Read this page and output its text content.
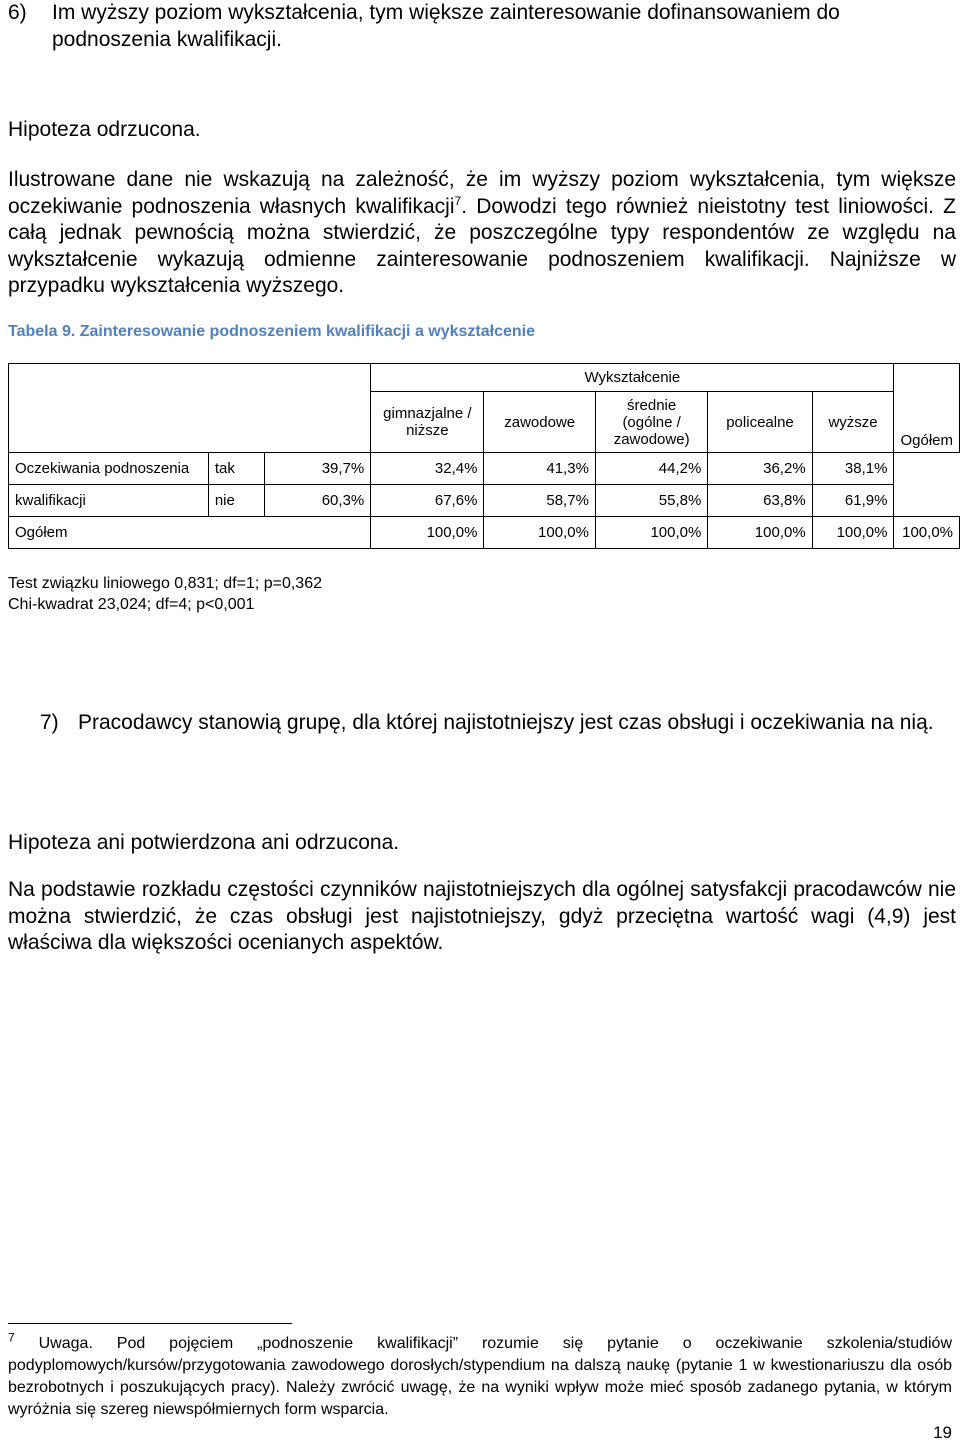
6)	Im wyższy poziom wykształcenia, tym większe zainteresowanie dofinansowaniem do podnoszenia kwalifikacji.
Hipoteza odrzucona.
Ilustrowane dane nie wskazują na zależność, że im wyższy poziom wykształcenia, tym większe oczekiwanie podnoszenia własnych kwalifikacji$^7$. Dowodzi tego również nieistotny test liniowości. Z całą jednak pewnością można stwierdzić, że poszczególne typy respondentów ze względu na wykształcenie wykazują odmienne zainteresowanie podnoszeniem kwalifikacji. Najniższe w przypadku wykształcenia wyższego.
Tabela 9. Zainteresowanie podnoszeniem kwalifikacji a wykształcenie
			Wykształcenie					Ogółem
			gimnazjalne / niższe	zawodowe	średnie (ogólne / zawodowe)	policealne	wyższe	
Oczekiwania podnoszenia	tak	39,7%	32,4%	41,3%	44,2%	36,2%	38,1%	
kwalifikacji	nie	60,3%	67,6%	58,7%	55,8%	63,8%	61,9%	
Ogółem			100,0%	100,0%	100,0%	100,0%	100,0%	100,0%
Test związku liniowego 0,831; df=1; p=0,362
Chi-kwadrat 23,024; df=4; p<0,001
7) Pracodawcy stanowią grupę, dla której najistotniejszy jest czas obsługi i oczekiwania na nią.
Hipoteza ani potwierdzona ani odrzucona.
Na podstawie rozkładu częstości czynników najistotniejszych dla ogólnej satysfakcji pracodawców nie można stwierdzić, że czas obsługi jest najistotniejszy, gdyż przeciętna wartość wagi (4,9) jest właściwa dla większości ocenianych aspektów.
$^7$ Uwaga. Pod pojęciem „podnoszenie kwalifikacji” rozumie się pytanie o oczekiwanie szkolenia/studiów podyplomowych/kursów/przygotowania zawodowego dorosłych/stypendium na dalszą naukę (pytanie 1 w kwestionariuszu dla osób bezrobotnych i poszukujących pracy). Należy zwrócić uwagę, że na wyniki wpływ może mieć sposób zadanego pytania, w którym wyróżnia się szereg niewspółmiernych form wsparcia.
19
